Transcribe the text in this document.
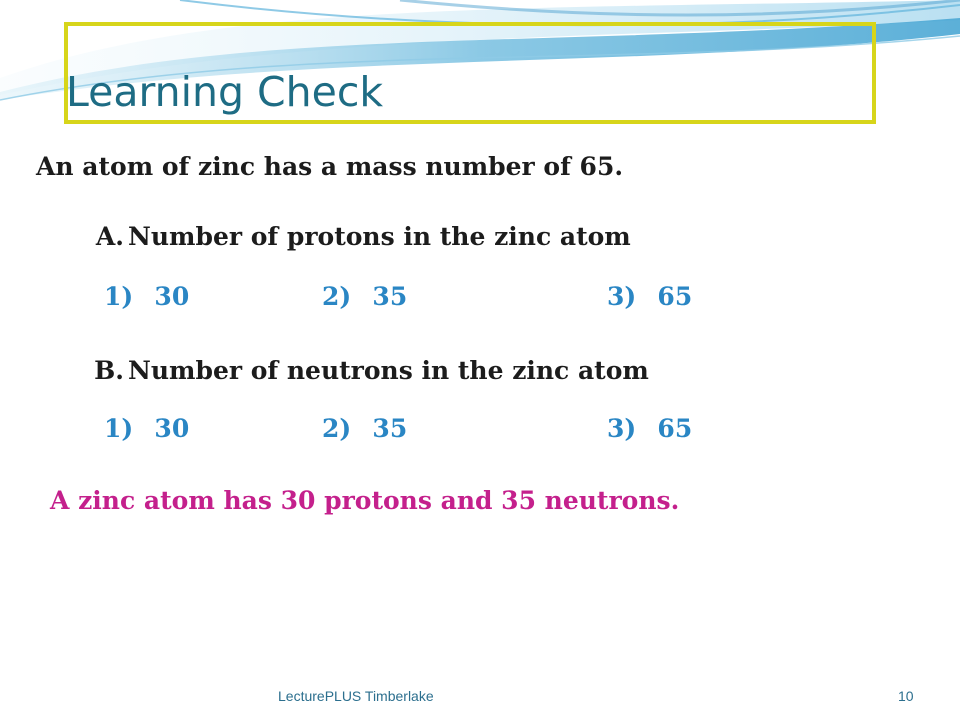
Learning Check

An atom of zinc has a mass number of 65.

A. Number of protons in the zinc atom

1)  30	2)  35	3)  65

B. Number of neutrons in the zinc atom

1)  30	2)  35	3)  65

A zinc atom has 30 protons and 35 neutrons.

LecturePLUS Timberlake	10
